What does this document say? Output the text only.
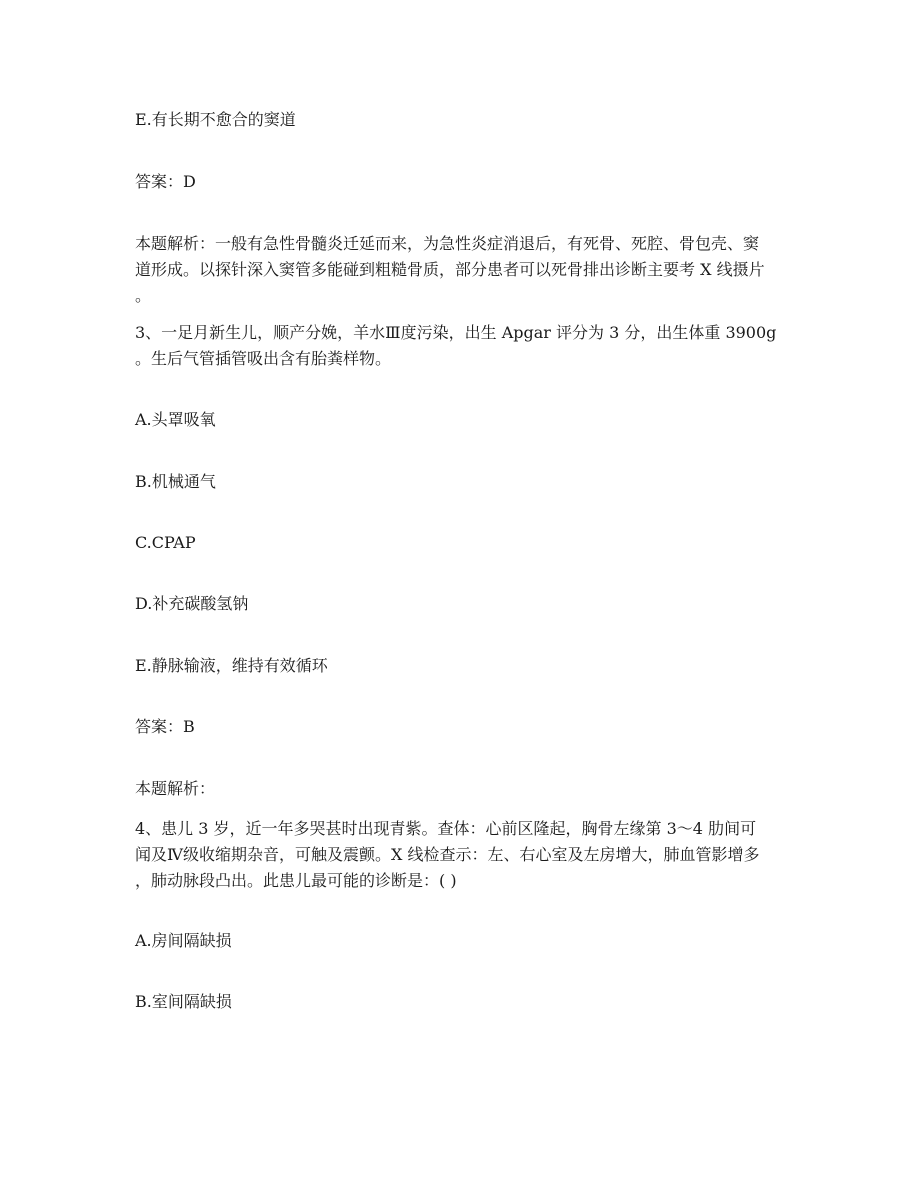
E.有长期不愈合的窦道

答案：D

本题解析：一般有急性骨髓炎迁延而来，为急性炎症消退后，有死骨、死腔、骨包壳、窦
道形成。以探针深入窦管多能碰到粗糙骨质，部分患者可以死骨排出诊断主要考 X 线摄片
。
3、一足月新生儿，顺产分娩，羊水Ⅲ度污染，出生 Apgar 评分为 3 分，出生体重 3900g
。生后气管插管吸出含有胎粪样物。

A.头罩吸氧

B.机械通气

C.CPAP

D.补充碳酸氢钠

E.静脉输液，维持有效循环

答案：B

本题解析：

4、患儿 3 岁，近一年多哭甚时出现青紫。查体：心前区隆起，胸骨左缘第 3～4 肋间可
闻及Ⅳ级收缩期杂音，可触及震颤。X 线检查示：左、右心室及左房增大，肺血管影增多
，肺动脉段凸出。此患儿最可能的诊断是：( )

A.房间隔缺损

B.室间隔缺损
